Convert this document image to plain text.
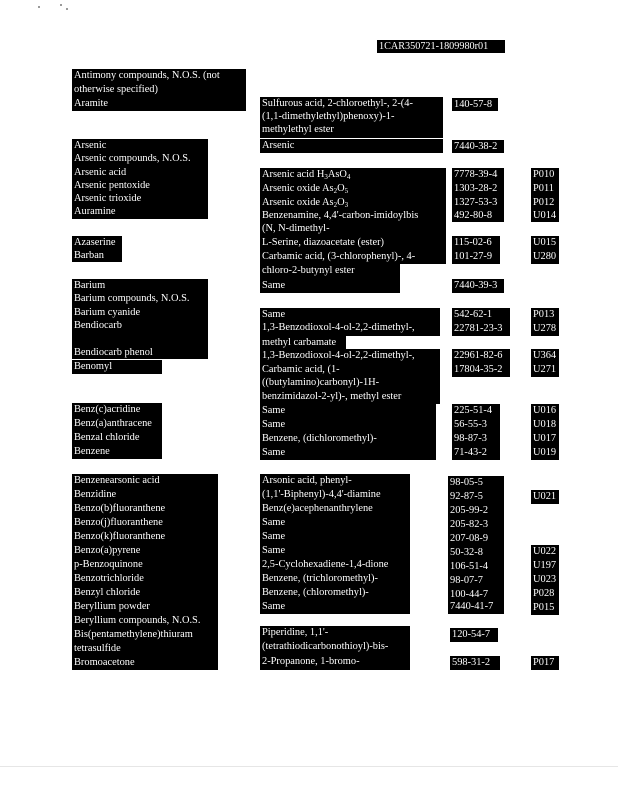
1CAR350721-1809980r01
Antimony compounds, N.O.S. (not
otherwise specified)
Aramite
Arsenic
Arsenic compounds, N.O.S.
Arsenic acid
Arsenic pentoxide
Arsenic trioxide
Auramine
Azaserine
Barban
Barium
Barium compounds, N.O.S.
Barium cyanide
Bendiocarb
Bendiocarb phenol
Benomyl
Benz(c)acridine
Benz(a)anthracene
Benzal chloride
Benzene
Benzenearsonic acid
Benzidine
Benzo(b)fluoranthene
Benzo(j)fluoranthene
Benzo(k)fluoranthene
Benzo(a)pyrene
p-Benzoquinone
Benzotrichloride
Benzyl chloride
Beryllium powder
Beryllium compounds, N.O.S.
Bis(pentamethylene)thiuram
tetrasulfide
Bromoacetone
Sulfurous acid, 2-chloroethyl-, 2-(4-
(1,1-dimethylethyl)phenoxy)-1-
methylethyl ester
Arsenic
Arsenic acid $H_3AsO_4$
Arsenic oxide $As_2O_5$
Arsenic oxide $As_2O_3$
Benzenamine, 4,4'-carbon-imidoylbis
(N, N-dimethyl-
L-Serine, diazoacetate (ester)
Carbamic acid, (3-chlorophenyl)-, 4-
chloro-2-butynyl ester
Same
Same
1,3-Benzodioxol-4-ol-2,2-dimethyl-,
methyl carbamate
1,3-Benzodioxol-4-ol-2,2-dimethyl-,
Carbamic acid, (1-
((butylamino)carbonyl)-1H-
benzimidazol-2-yl)-, methyl ester
Same
Same
Benzene, (dichloromethyl)-
Same
Arsonic acid, phenyl-
(1,1'-Biphenyl)-4,4'-diamine
Benz(e)acephenanthrylene
Same
Same
Same
2,5-Cyclohexadiene-1,4-dione
Benzene, (trichloromethyl)-
Benzene, (chloromethyl)-
Same
Piperidine, 1,1'-
(tetrathiodicarbonothioyl)-bis-
2-Propanone, 1-bromo-
140-57-8
7440-38-2
7778-39-4
1303-28-2
1327-53-3
492-80-8
115-02-6
101-27-9
7440-39-3
542-62-1
22781-23-3
22961-82-6
17804-35-2
225-51-4
56-55-3
98-87-3
71-43-2
98-05-5
92-87-5
205-99-2
205-82-3
207-08-9
50-32-8
106-51-4
98-07-7
100-44-7
7440-41-7
120-54-7
598-31-2
P010
P011
P012
U014
U015
U280
P013
U278
U364
U271
U016
U018
U017
U019
U021
U022
U197
U023
P028
P015
P017
